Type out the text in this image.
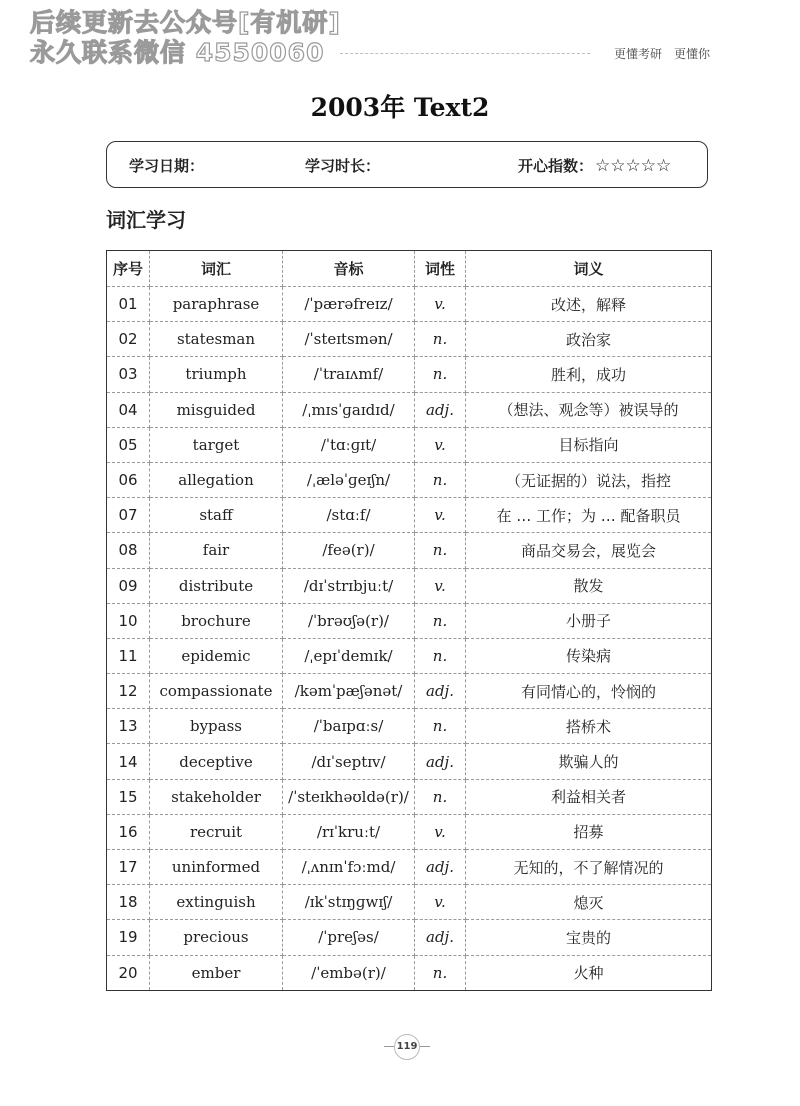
后续更新去公众号[有机研]
永久联系微信 4550060	更懂考研　更懂你
2003年 Text2
学习日期：	学习时长：	开心指数： ☆☆☆☆☆
词汇学习
序号	词汇	音标	词性	词义
01	paraphrase	/ˈpærəfreɪz/	v.	改述，解释
02	statesman	/ˈsteɪtsmən/	n.	政治家
03	triumph	/ˈtraɪʌmf/	n.	胜利，成功
04	misguided	/ˌmɪsˈɡaɪdɪd/	adj.	（想法、观念等）被误导的
05	target	/ˈtɑːɡɪt/	v.	目标指向
06	allegation	/ˌæləˈɡeɪʃn/	n.	（无证据的）说法，指控
07	staff	/stɑːf/	v.	在 … 工作；为 … 配备职员
08	fair	/feə(r)/	n.	商品交易会，展览会
09	distribute	/dɪˈstrɪbjuːt/	v.	散发
10	brochure	/ˈbrəʊʃə(r)/	n.	小册子
11	epidemic	/ˌepɪˈdemɪk/	n.	传染病
12	compassionate	/kəmˈpæʃənət/	adj.	有同情心的，怜悯的
13	bypass	/ˈbaɪpɑːs/	n.	搭桥术
14	deceptive	/dɪˈseptɪv/	adj.	欺骗人的
15	stakeholder	/ˈsteɪkhəʊldə(r)/	n.	利益相关者
16	recruit	/rɪˈkruːt/	v.	招募
17	uninformed	/ˌʌnɪnˈfɔːmd/	adj.	无知的，不了解情况的
18	extinguish	/ɪkˈstɪŋɡwɪʃ/	v.	熄灭
19	precious	/ˈpreʃəs/	adj.	宝贵的
20	ember	/ˈembə(r)/	n.	火种
119
